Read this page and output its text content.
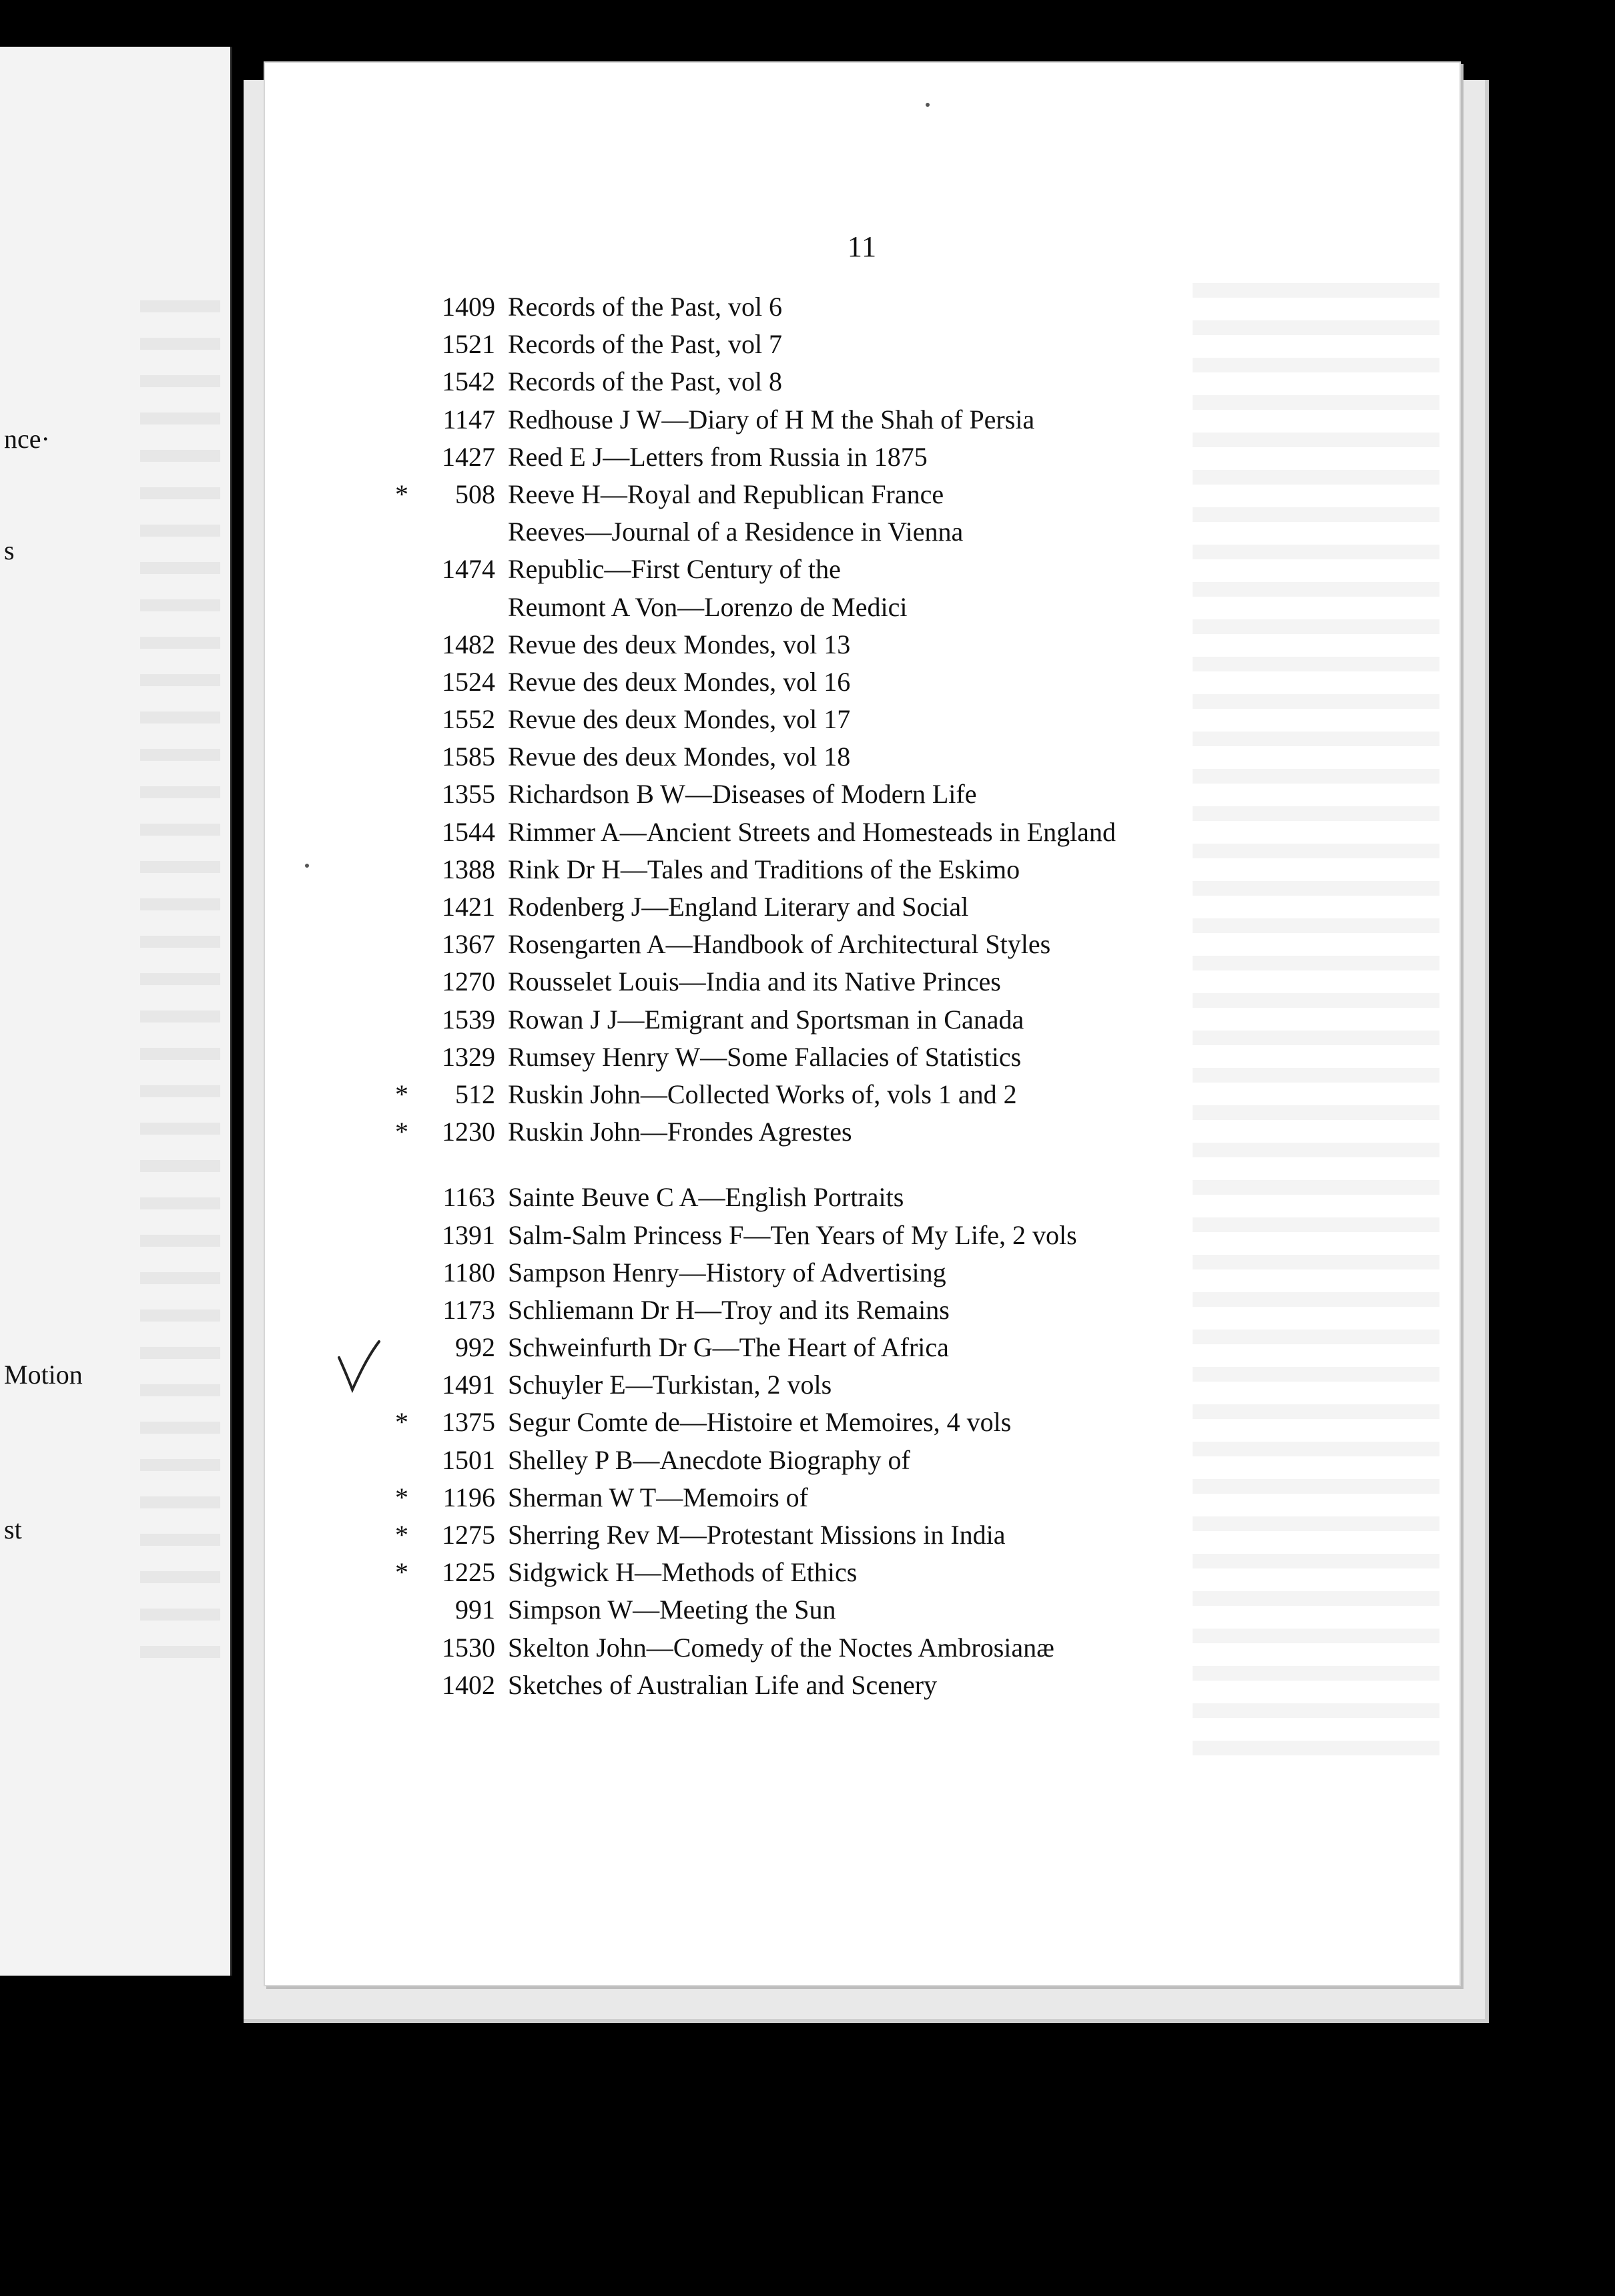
nce·
s
Motion
st
11
1409 Records of the Past, vol 6
1521 Records of the Past, vol 7
1542 Records of the Past, vol 8
1147 Redhouse J W—Diary of H M the Shah of Persia
1427 Reed E J—Letters from Russia in 1875
*	508 Reeve H—Royal and Republican France
Reeves—Journal of a Residence in Vienna
1474 Republic—First Century of the
Reumont A Von—Lorenzo de Medici
1482 Revue des deux Mondes, vol 13
1524 Revue des deux Mondes, vol 16
1552 Revue des deux Mondes, vol 17
1585 Revue des deux Mondes, vol 18
1355 Richardson B W—Diseases of Modern Life
1544 Rimmer A—Ancient Streets and Homesteads in England
1388 Rink Dr H—Tales and Traditions of the Eskimo
1421 Rodenberg J—England Literary and Social
1367 Rosengarten A—Handbook of Architectural Styles
1270 Rousselet Louis—India and its Native Princes
1539 Rowan J J—Emigrant and Sportsman in Canada
1329 Rumsey Henry W—Some Fallacies of Statistics
*	512 Ruskin John—Collected Works of, vols 1 and 2
*	1230 Ruskin John—Frondes Agrestes
1163 Sainte Beuve C A—English Portraits
1391 Salm-Salm Princess F—Ten Years of My Life, 2 vols
1180 Sampson Henry—History of Advertising
1173 Schliemann Dr H—Troy and its Remains
992 Schweinfurth Dr G—The Heart of Africa
1491 Schuyler E—Turkistan, 2 vols
*	1375 Segur Comte de—Histoire et Memoires, 4 vols
1501 Shelley P B—Anecdote Biography of
*	1196 Sherman W T—Memoirs of
*	1275 Sherring Rev M—Protestant Missions in India
*	1225 Sidgwick H—Methods of Ethics
991 Simpson W—Meeting the Sun
1530 Skelton John—Comedy of the Noctes Ambrosianæ
1402 Sketches of Australian Life and Scenery
